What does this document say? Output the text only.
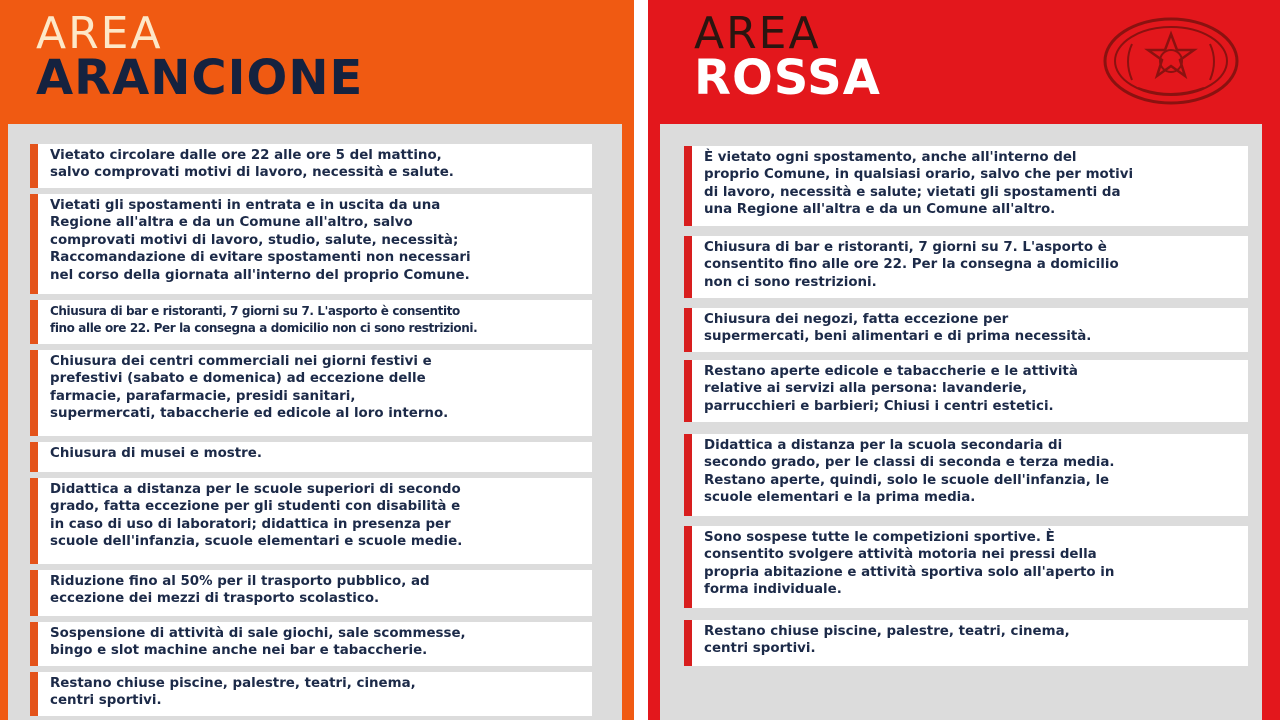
AREA
ARANCIONE
Vietato circolare dalle ore 22 alle ore 5 del mattino,
salvo comprovati motivi di lavoro, necessità e salute.
Vietati gli spostamenti in entrata e in uscita da una
Regione all'altra e da un Comune all'altro, salvo
comprovati motivi di lavoro, studio, salute, necessità;
Raccomandazione di evitare spostamenti non necessari
nel corso della giornata all'interno del proprio Comune.
Chiusura di bar e ristoranti, 7 giorni su 7. L'asporto è consentito
fino alle ore 22. Per la consegna a domicilio non ci sono restrizioni.
Chiusura dei centri commerciali nei giorni festivi e
prefestivi (sabato e domenica) ad eccezione delle
farmacie, parafarmacie, presidi sanitari,
supermercati, tabaccherie ed edicole al loro interno.
Chiusura di musei e mostre.
Didattica a distanza per le scuole superiori di secondo
grado, fatta eccezione per gli studenti con disabilità e
in caso di uso di laboratori; didattica in presenza per
scuole dell'infanzia, scuole elementari e scuole medie.
Riduzione fino al 50% per il trasporto pubblico, ad
eccezione dei mezzi di trasporto scolastico.
Sospensione di attività di sale giochi, sale scommesse,
bingo e slot machine anche nei bar e tabaccherie.
Restano chiuse piscine, palestre, teatri, cinema,
centri sportivi.
AREA
ROSSA
È vietato ogni spostamento, anche all'interno del
proprio Comune, in qualsiasi orario, salvo che per motivi
di lavoro, necessità e salute; vietati gli spostamenti da
una Regione all'altra e da un Comune all'altro.
Chiusura di bar e ristoranti, 7 giorni su 7. L'asporto è
consentito fino alle ore 22. Per la consegna a domicilio
non ci sono restrizioni.
Chiusura dei negozi, fatta eccezione per
supermercati, beni alimentari e di prima necessità.
Restano aperte edicole e tabaccherie e le attività
relative ai servizi alla persona: lavanderie,
parrucchieri e barbieri; Chiusi i centri estetici.
Didattica a distanza per la scuola secondaria di
secondo grado, per le classi di seconda e terza media.
Restano aperte, quindi, solo le scuole dell'infanzia, le
scuole elementari e la prima media.
Sono sospese tutte le competizioni sportive. È
consentito svolgere attività motoria nei pressi della
propria abitazione e attività sportiva solo all'aperto in
forma individuale.
Restano chiuse piscine, palestre, teatri, cinema,
centri sportivi.
